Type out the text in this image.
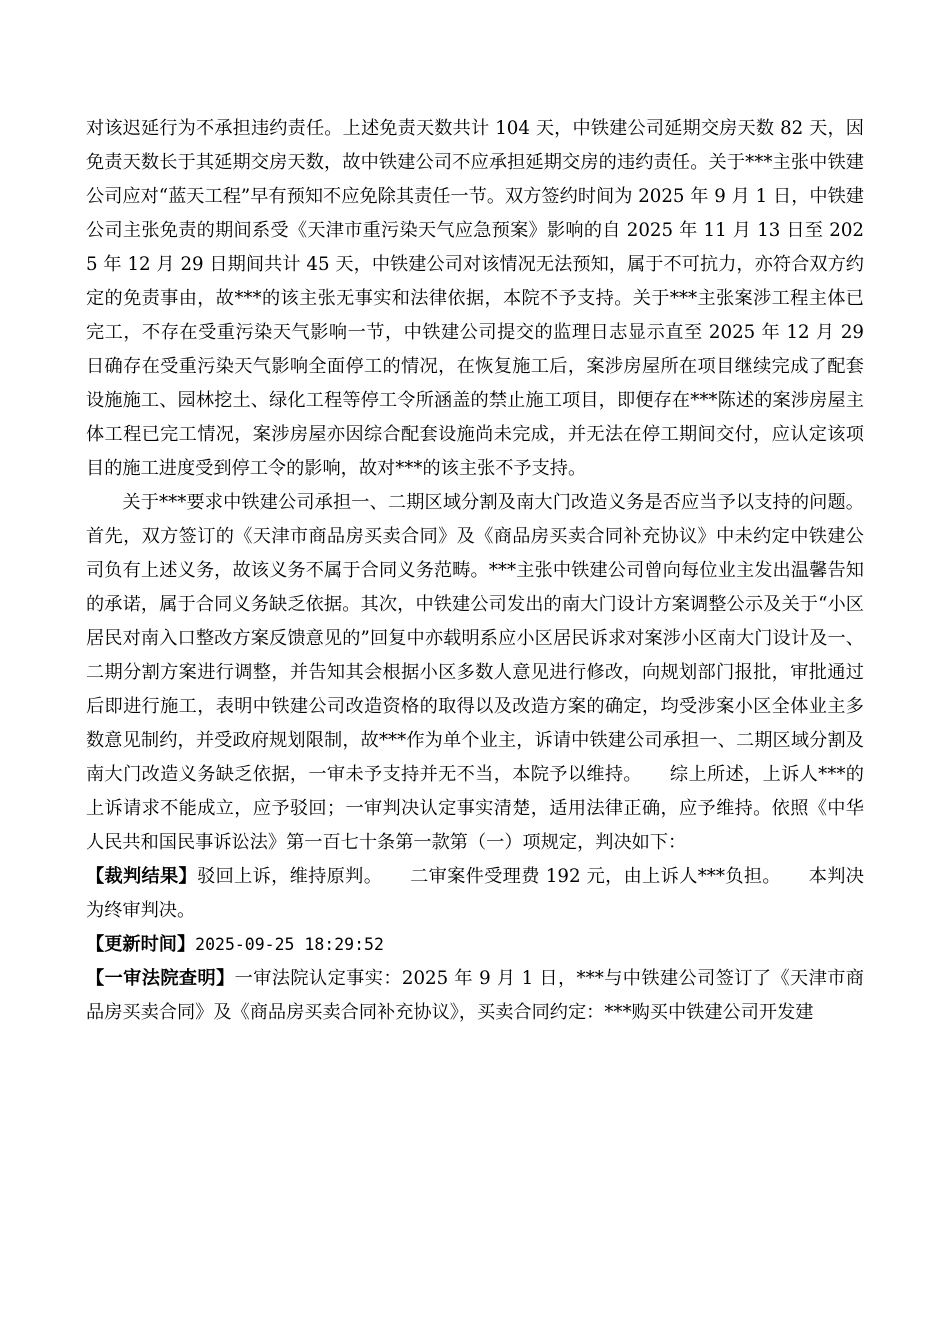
对该迟延行为不承担违约责任。上述免责天数共计 104 天，中铁建公司延期交房天数 82 天，因免责天数长于其延期交房天数，故中铁建公司不应承担延期交房的违约责任。关于***主张中铁建公司应对“蓝天工程”早有预知不应免除其责任一节。双方签约时间为 2025 年 9 月 1 日，中铁建公司主张免责的期间系受《天津市重污染天气应急预案》影响的自 2025 年 11 月 13 日至 2025 年 12 月 29 日期间共计 45 天，中铁建公司对该情况无法预知，属于不可抗力，亦符合双方约定的免责事由，故***的该主张无事实和法律依据，本院不予支持。关于***主张案涉工程主体已完工，不存在受重污染天气影响一节，中铁建公司提交的监理日志显示直至 2025 年 12 月 29 日确存在受重污染天气影响全面停工的情况，在恢复施工后，案涉房屋所在项目继续完成了配套设施施工、园林挖土、绿化工程等停工令所涵盖的禁止施工项目，即便存在***陈述的案涉房屋主体工程已完工情况，案涉房屋亦因综合配套设施尚未完成，并无法在停工期间交付，应认定该项目的施工进度受到停工令的影响，故对***的该主张不予支持。

关于***要求中铁建公司承担一、二期区域分割及南大门改造义务是否应当予以支持的问题。首先，双方签订的《天津市商品房买卖合同》及《商品房买卖合同补充协议》中未约定中铁建公司负有上述义务，故该义务不属于合同义务范畴。***主张中铁建公司曾向每位业主发出温馨告知的承诺，属于合同义务缺乏依据。其次，中铁建公司发出的南大门设计方案调整公示及关于“小区居民对南入口整改方案反馈意见的”回复中亦载明系应小区居民诉求对案涉小区南大门设计及一、二期分割方案进行调整，并告知其会根据小区多数人意见进行修改，向规划部门报批，审批通过后即进行施工，表明中铁建公司改造资格的取得以及改造方案的确定，均受涉案小区全体业主多数意见制约，并受政府规划限制，故***作为单个业主，诉请中铁建公司承担一、二期区域分割及南大门改造义务缺乏依据，一审未予支持并无不当，本院予以维持。　　综上所述，上诉人***的上诉请求不能成立，应予驳回；一审判决认定事实清楚，适用法律正确，应予维持。依照《中华人民共和国民事诉讼法》第一百七十条第一款第（一）项规定，判决如下：

【裁判结果】驳回上诉，维持原判。　　二审案件受理费 192 元，由上诉人***负担。　　本判决为终审判决。

【更新时间】2025-09-25 18:29:52

【一审法院查明】一审法院认定事实：2025 年 9 月 1 日，***与中铁建公司签订了《天津市商品房买卖合同》及《商品房买卖合同补充协议》，买卖合同约定：***购买中铁建公司开发建
